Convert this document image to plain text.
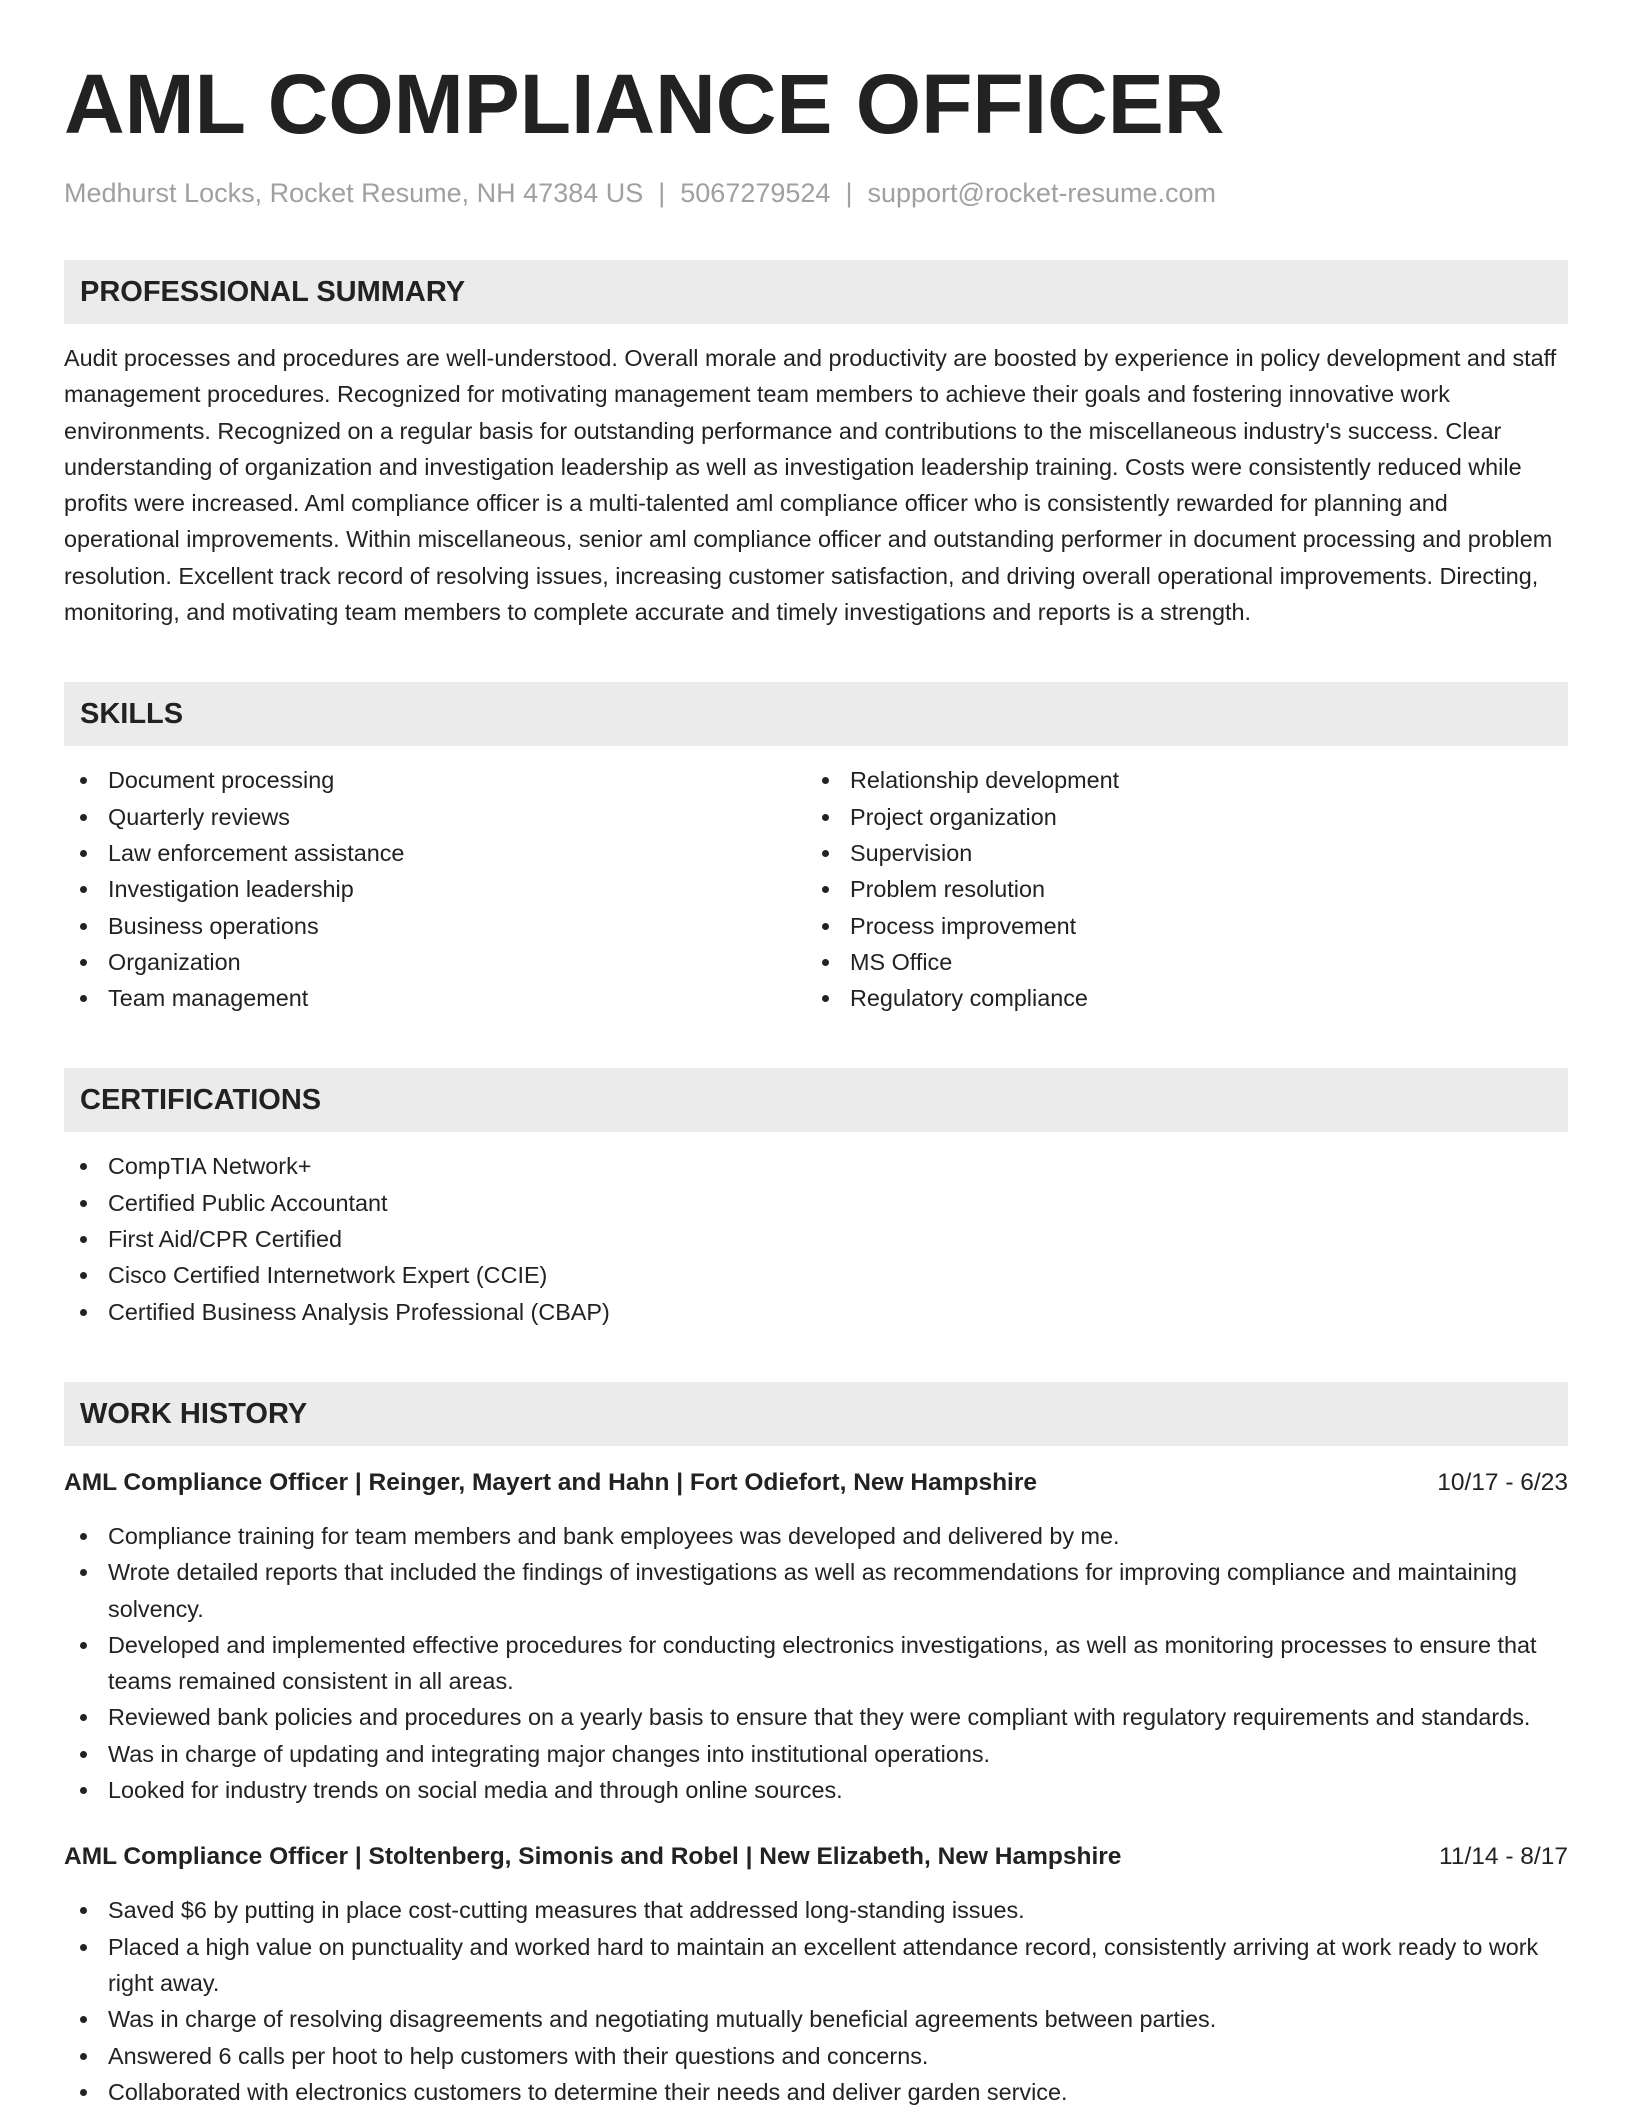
AML COMPLIANCE OFFICER
Medhurst Locks, Rocket Resume, NH 47384 US | 5067279524 | support@rocket-resume.com
PROFESSIONAL SUMMARY
Audit processes and procedures are well-understood. Overall morale and productivity are boosted by experience in policy development and staff management procedures. Recognized for motivating management team members to achieve their goals and fostering innovative work environments. Recognized on a regular basis for outstanding performance and contributions to the miscellaneous industry's success. Clear understanding of organization and investigation leadership as well as investigation leadership training. Costs were consistently reduced while profits were increased. Aml compliance officer is a multi-talented aml compliance officer who is consistently rewarded for planning and operational improvements. Within miscellaneous, senior aml compliance officer and outstanding performer in document processing and problem resolution. Excellent track record of resolving issues, increasing customer satisfaction, and driving overall operational improvements. Directing, monitoring, and motivating team members to complete accurate and timely investigations and reports is a strength.
SKILLS
Document processing
Quarterly reviews
Law enforcement assistance
Investigation leadership
Business operations
Organization
Team management
Relationship development
Project organization
Supervision
Problem resolution
Process improvement
MS Office
Regulatory compliance
CERTIFICATIONS
CompTIA Network+
Certified Public Accountant
First Aid/CPR Certified
Cisco Certified Internetwork Expert (CCIE)
Certified Business Analysis Professional (CBAP)
WORK HISTORY
AML Compliance Officer | Reinger, Mayert and Hahn | Fort Odiefort, New Hampshire	10/17 - 6/23
Compliance training for team members and bank employees was developed and delivered by me.
Wrote detailed reports that included the findings of investigations as well as recommendations for improving compliance and maintaining solvency.
Developed and implemented effective procedures for conducting electronics investigations, as well as monitoring processes to ensure that teams remained consistent in all areas.
Reviewed bank policies and procedures on a yearly basis to ensure that they were compliant with regulatory requirements and standards.
Was in charge of updating and integrating major changes into institutional operations.
Looked for industry trends on social media and through online sources.
AML Compliance Officer | Stoltenberg, Simonis and Robel | New Elizabeth, New Hampshire	11/14 - 8/17
Saved $6 by putting in place cost-cutting measures that addressed long-standing issues.
Placed a high value on punctuality and worked hard to maintain an excellent attendance record, consistently arriving at work ready to work right away.
Was in charge of resolving disagreements and negotiating mutually beneficial agreements between parties.
Answered 6 calls per hoot to help customers with their questions and concerns.
Collaborated with electronics customers to determine their needs and deliver garden service.
